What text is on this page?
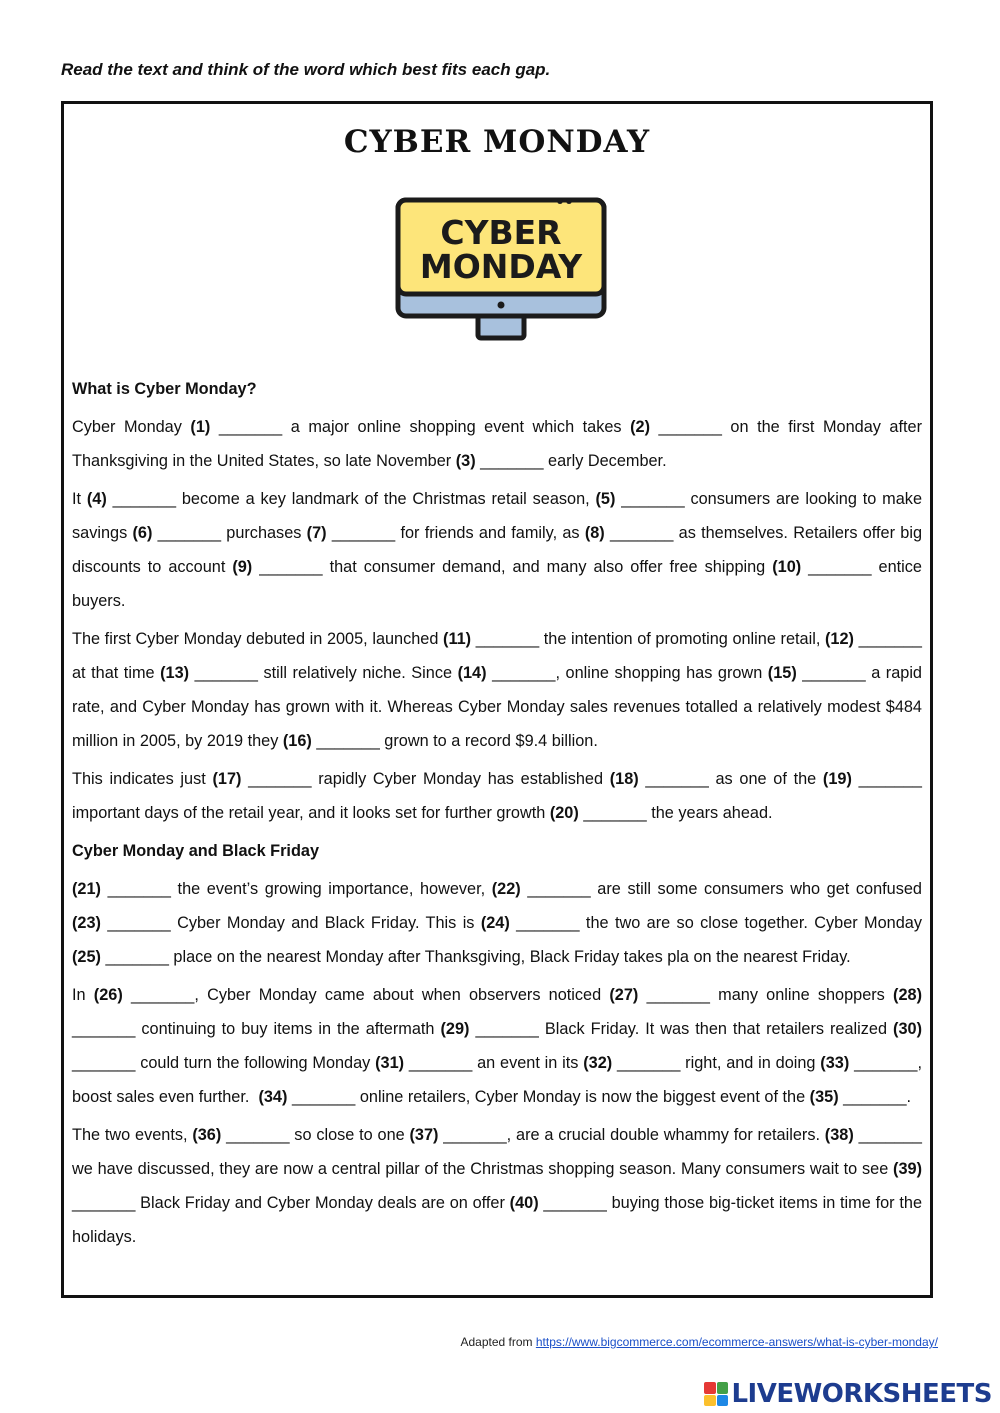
Read the text and think of the word which best fits each gap.
CYBER MONDAY
CYBER
MONDAY
What is Cyber Monday?
Cyber Monday (1) _______ a major online shopping event which takes (2) _______ on the first Monday after Thanksgiving in the United States, so late November (3) _______ early December.
It (4) _______ become a key landmark of the Christmas retail season, (5) _______ consumers are looking to make savings (6) _______ purchases (7) _______ for friends and family, as (8) _______ as themselves. Retailers offer big discounts to account (9) _______ that consumer demand, and many also offer free shipping (10) _______ entice buyers.
The first Cyber Monday debuted in 2005, launched (11) _______ the intention of promoting online retail, (12) _______ at that time (13) _______ still relatively niche. Since (14) _______, online shopping has grown (15) _______ a rapid rate, and Cyber Monday has grown with it. Whereas Cyber Monday sales revenues totalled a relatively modest $484 million in 2005, by 2019 they (16) _______ grown to a record $9.4 billion.
This indicates just (17) _______ rapidly Cyber Monday has established (18) _______ as one of the (19) _______ important days of the retail year, and it looks set for further growth (20) _______ the years ahead.
Cyber Monday and Black Friday
(21) _______ the event’s growing importance, however, (22) _______ are still some consumers who get confused (23) _______ Cyber Monday and Black Friday. This is (24) _______ the two are so close together. Cyber Monday (25) _______ place on the nearest Monday after Thanksgiving, Black Friday takes pla on the nearest Friday.
In (26) _______, Cyber Monday came about when observers noticed (27) _______ many online shoppers (28) _______ continuing to buy items in the aftermath (29) _______ Black Friday. It was then that retailers realized (30) _______ could turn the following Monday (31) _______ an event in its (32) _______ right, and in doing (33) _______, boost sales even further.  (34) _______ online retailers, Cyber Monday is now the biggest event of the (35) _______.
The two events, (36) _______ so close to one (37) _______, are a crucial double whammy for retailers. (38) _______ we have discussed, they are now a central pillar of the Christmas shopping season. Many consumers wait to see (39) _______ Black Friday and Cyber Monday deals are on offer (40) _______ buying those big-ticket items in time for the holidays.
Adapted from https://www.bigcommerce.com/ecommerce-answers/what-is-cyber-monday/
LIVEWORKSHEETS
